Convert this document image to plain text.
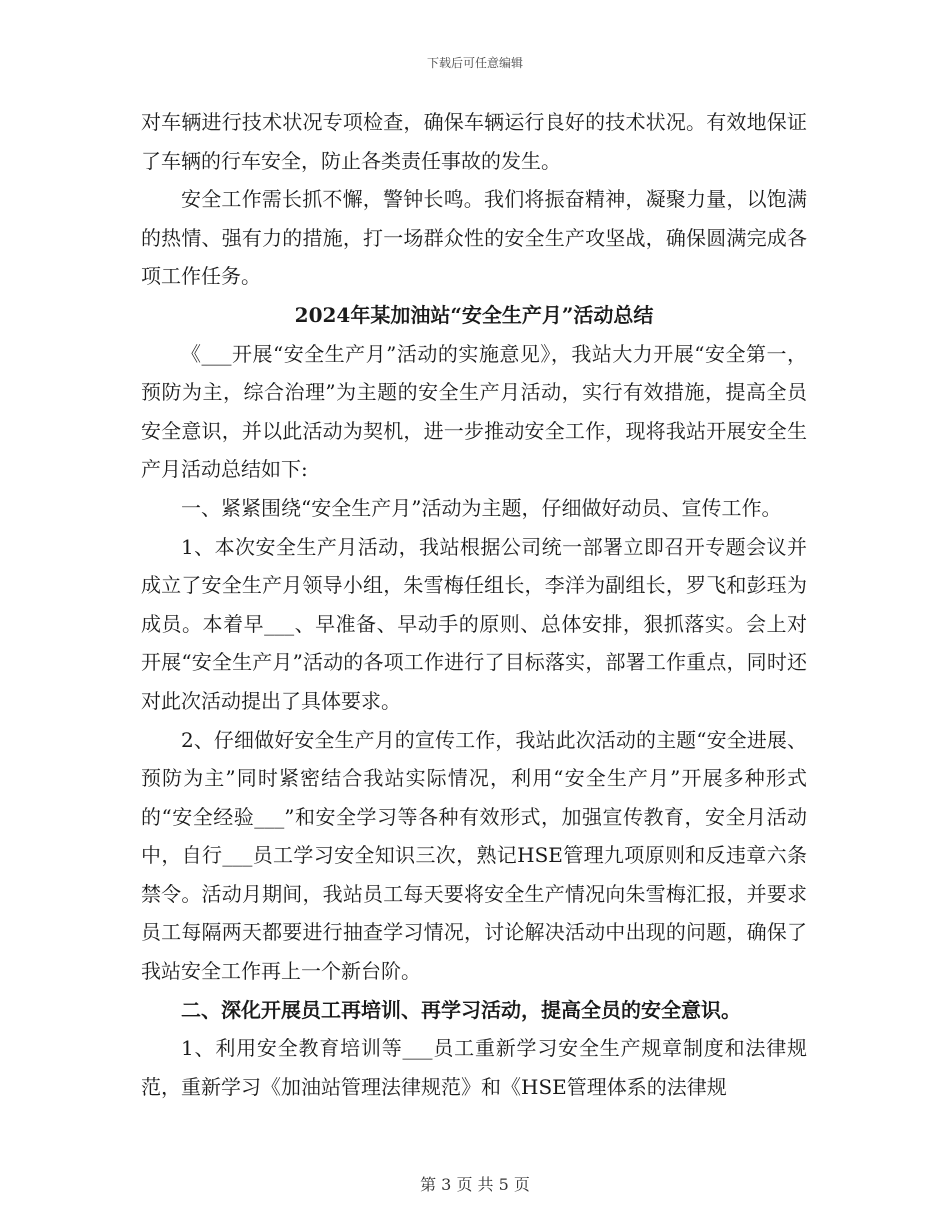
下载后可任意编辑

对车辆进行技术状况专项检查，确保车辆运行良好的技术状况。有效地保证了车辆的行车安全，防止各类责任事故的发生。

安全工作需长抓不懈，警钟长鸣。我们将振奋精神，凝聚力量，以饱满的热情、强有力的措施，打一场群众性的安全生产攻坚战，确保圆满完成各项工作任务。

2024年某加油站“安全生产月”活动总结

《___开展“安全生产月”活动的实施意见》，我站大力开展“安全第一，预防为主，综合治理”为主题的安全生产月活动，实行有效措施，提高全员安全意识，并以此活动为契机，进一步推动安全工作，现将我站开展安全生产月活动总结如下:

一、紧紧围绕“安全生产月”活动为主题，仔细做好动员、宣传工作。

1、本次安全生产月活动，我站根据公司统一部署立即召开专题会议并成立了安全生产月领导小组，朱雪梅任组长，李洋为副组长，罗飞和彭珏为成员。本着早___、早准备、早动手的原则、总体安排，狠抓落实。会上对开展“安全生产月”活动的各项工作进行了目标落实，部署工作重点，同时还对此次活动提出了具体要求。

2、仔细做好安全生产月的宣传工作，我站此次活动的主题“安全进展、预防为主”同时紧密结合我站实际情况，利用“安全生产月”开展多种形式的“安全经验___”和安全学习等各种有效形式，加强宣传教育，安全月活动中，自行___员工学习安全知识三次，熟记HSE管理九项原则和反违章六条禁令。活动月期间，我站员工每天要将安全生产情况向朱雪梅汇报，并要求员工每隔两天都要进行抽查学习情况，讨论解决活动中出现的问题，确保了我站安全工作再上一个新台阶。

二、深化开展员工再培训、再学习活动，提高全员的安全意识。

1、利用安全教育培训等___员工重新学习安全生产规章制度和法律规范，重新学习《加油站管理法律规范》和《HSE管理体系的法律规

第 3 页 共 5 页
